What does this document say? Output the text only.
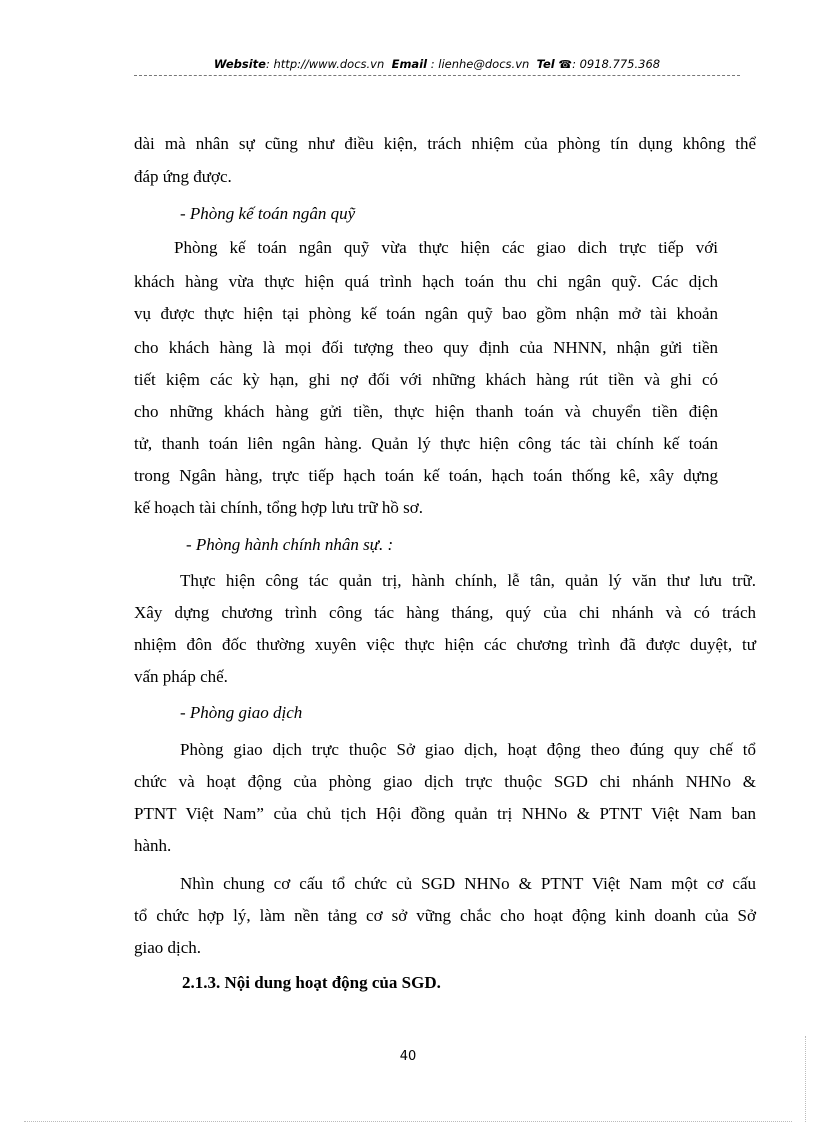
Website: http://www.docs.vn Email : lienhe@docs.vn Tel ☎: 0918.775.368
dài mà nhân sự cũng như điều kiện, trách nhiệm của phòng tín dụng không thể
đáp ứng được.
- Phòng kế toán ngân quỹ
Phòng kế toán ngân quỹ vừa thực hiện các giao dich trực tiếp với
khách hàng vừa thực hiện quá trình hạch toán thu chi ngân quỹ. Các dịch
vụ được thực hiện tại phòng kế toán ngân quỹ bao gồm nhận mở tài khoản
cho khách hàng là mọi đối tượng theo quy định của NHNN, nhận gửi tiền
tiết kiệm các kỳ hạn, ghi nợ đối với những khách hàng rút tiền và ghi có
cho những khách hàng gửi tiền, thực hiện thanh toán và chuyển tiền điện
tử, thanh toán liên ngân hàng. Quản lý thực hiện công tác tài chính kế toán
trong Ngân hàng, trực tiếp hạch toán kế toán, hạch toán thống kê, xây dựng
kế hoạch tài chính, tổng hợp lưu trữ hồ sơ.
- Phòng hành chính nhân sự. :
Thực hiện công tác quản trị, hành chính, lễ tân, quản lý văn thư lưu trữ.
Xây dựng chương trình công tác hàng tháng, quý của chi nhánh và có trách
nhiệm đôn đốc thường xuyên việc thực hiện các chương trình đã được duyệt, tư
vấn pháp chế.
- Phòng giao dịch
Phòng giao dịch trực thuộc Sở giao dịch, hoạt động theo đúng quy chế tổ
chức và hoạt động của phòng giao dịch trực thuộc SGD chi nhánh NHNo &
PTNT Việt Nam” của chủ tịch Hội đồng quản trị NHNo & PTNT Việt Nam ban
hành.
Nhìn chung cơ cấu tổ chức củ SGD NHNo & PTNT Việt Nam một cơ cấu
tổ chức hợp lý, làm nền tảng cơ sở vững chắc cho hoạt động kinh doanh của Sở
giao dịch.
2.1.3. Nội dung hoạt động của SGD.
40
